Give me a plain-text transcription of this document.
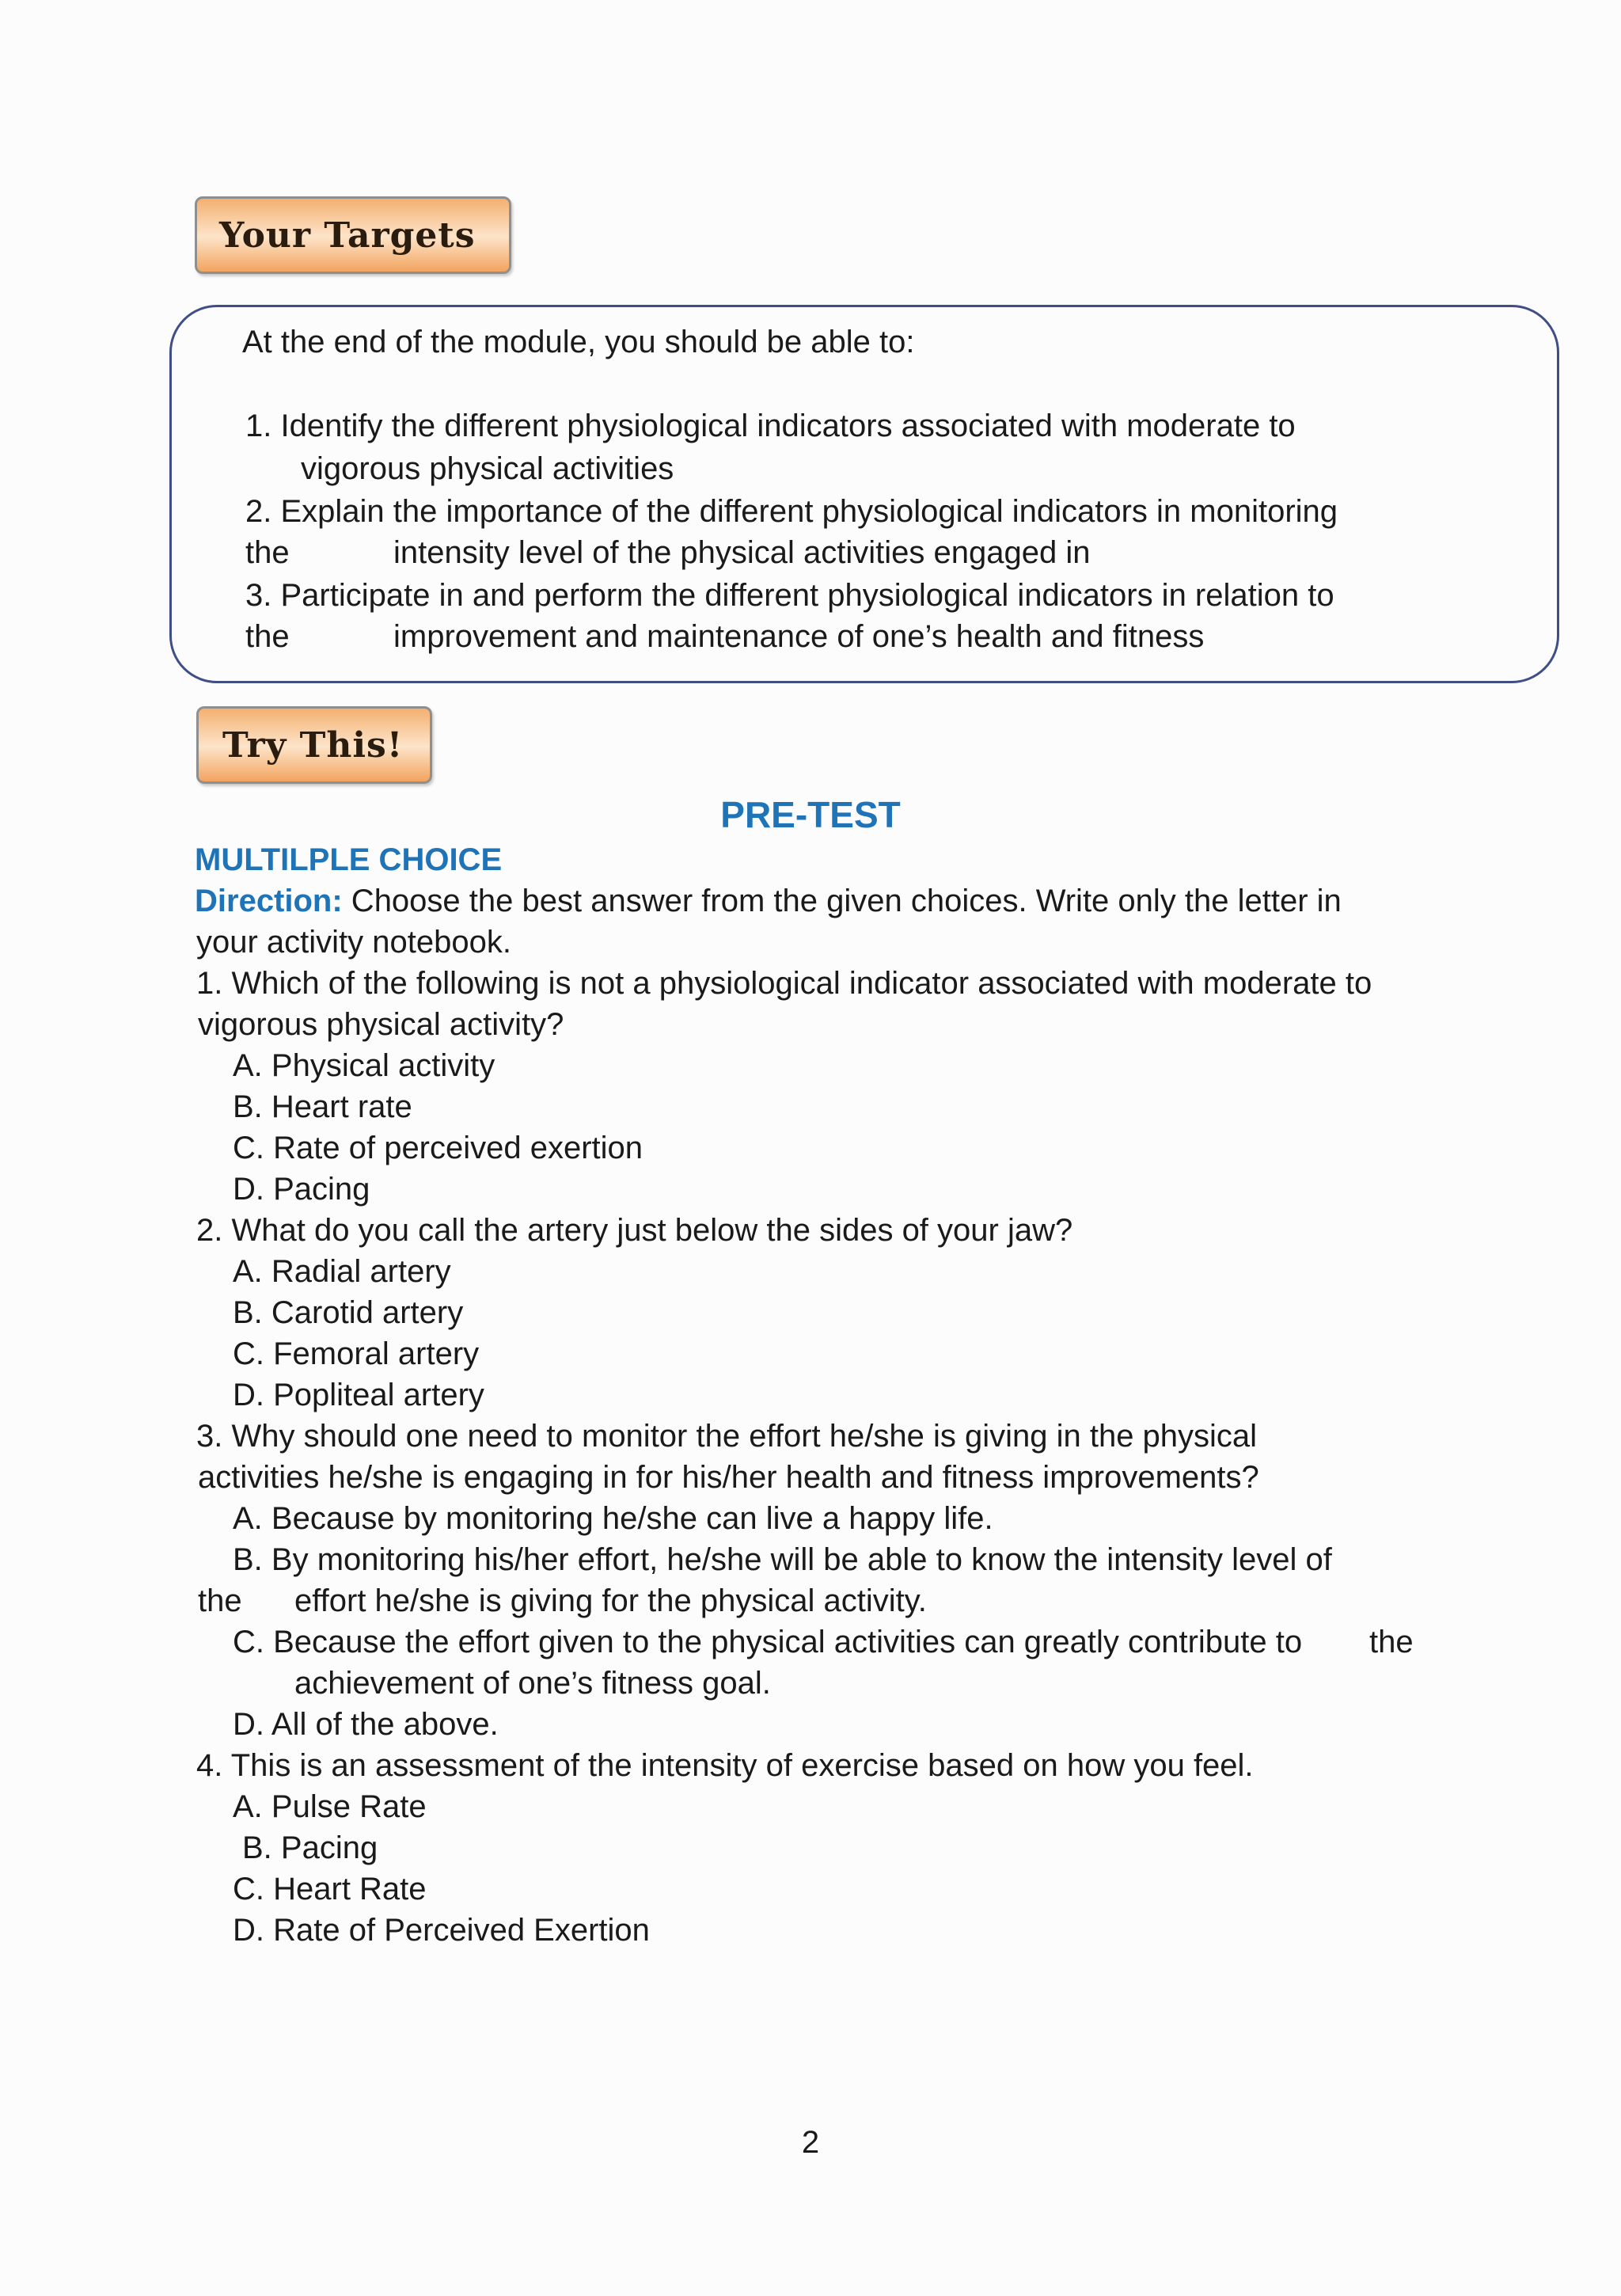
Your Targets
At the end of the module, you should be able to:
1. Identify the different physiological indicators associated with moderate to
vigorous physical activities
2. Explain the importance of the different physiological indicators in monitoring
the	intensity level of the physical activities engaged in
3. Participate in and perform the different physiological indicators in relation to
the	improvement and maintenance of one’s health and fitness
Try This!
PRE-TEST
MULTILPLE CHOICE
Direction: Choose the best answer from the given choices. Write only the letter in
your activity notebook.
1. Which of the following is not a physiological indicator associated with moderate to
vigorous physical activity?
A. Physical activity
B. Heart rate
C. Rate of perceived exertion
D. Pacing
2. What do you call the artery just below the sides of your jaw?
A. Radial artery
B. Carotid artery
C. Femoral artery
D. Popliteal artery
3. Why should one need to monitor the effort he/she is giving in the physical
activities he/she is engaging in for his/her health and fitness improvements?
A. Because by monitoring he/she can live a happy life.
B. By monitoring his/her effort, he/she will be able to know the intensity level of
the effort he/she is giving for the physical activity.
C. Because the effort given to the physical activities can greatly contribute to the
achievement of one’s fitness goal.
D. All of the above.
4. This is an assessment of the intensity of exercise based on how you feel.
A. Pulse Rate
B. Pacing
C. Heart Rate
D. Rate of Perceived Exertion
2
